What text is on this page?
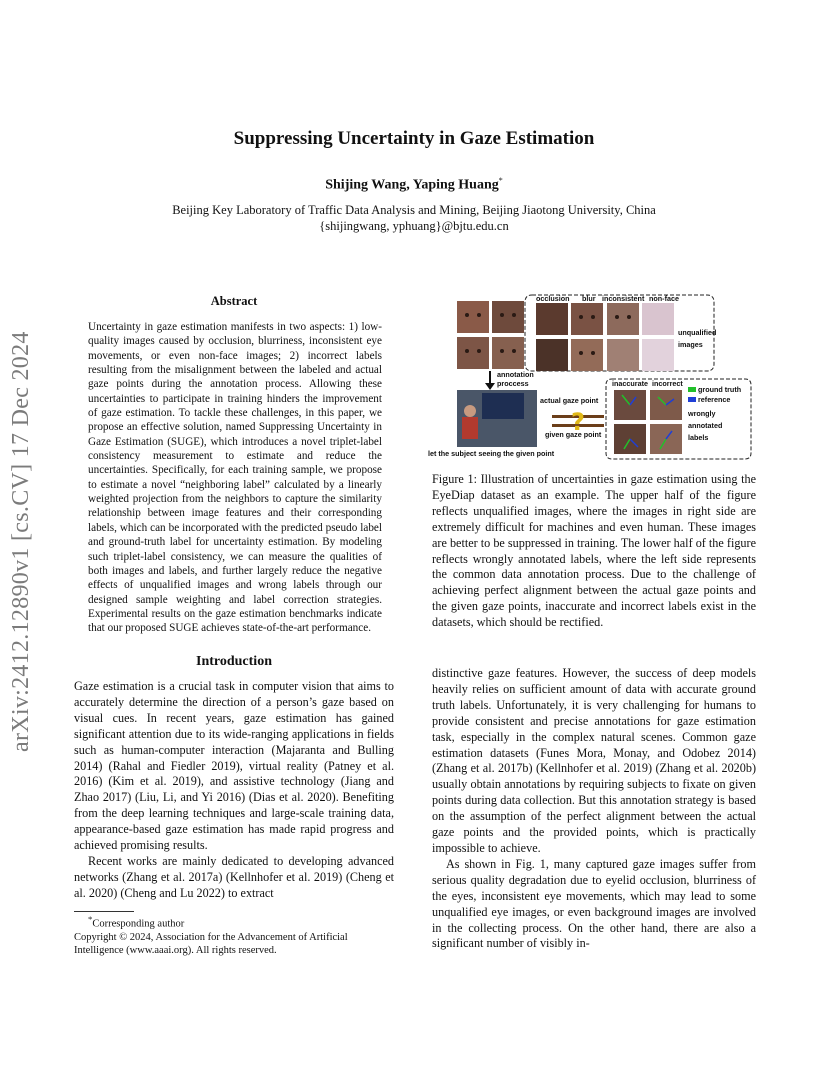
arXiv:2412.12890v1 [cs.CV] 17 Dec 2024
Suppressing Uncertainty in Gaze Estimation
Shijing Wang, Yaping Huang*
Beijing Key Laboratory of Traffic Data Analysis and Mining, Beijing Jiaotong University, China
{shijingwang, yphuang}@bjtu.edu.cn
Abstract
Uncertainty in gaze estimation manifests in two aspects: 1) low-quality images caused by occlusion, blurriness, inconsistent eye movements, or even non-face images; 2) incorrect labels resulting from the misalignment between the labeled and actual gaze points during the annotation process. Allowing these uncertainties to participate in training hinders the improvement of gaze estimation. To tackle these challenges, in this paper, we propose an effective solution, named Suppressing Uncertainty in Gaze Estimation (SUGE), which introduces a novel triplet-label consistency measurement to estimate and reduce the uncertainties. Specifically, for each training sample, we propose to estimate a novel “neighboring label” calculated by a linearly weighted projection from the neighbors to capture the similarity relationship between image features and their corresponding labels, which can be incorporated with the predicted pseudo label and ground-truth label for uncertainty estimation. By modeling such triplet-label consistency, we can measure the qualities of both images and labels, and further largely reduce the negative effects of unqualified images and wrong labels through our designed sample weighting and label correction strategies. Experimental results on the gaze estimation benchmarks indicate that our proposed SUGE achieves state-of-the-art performance.
Introduction

Gaze estimation is a crucial task in computer vision that aims to accurately determine the direction of a person’s gaze based on visual cues. In recent years, gaze estimation has gained significant attention due to its wide-ranging applications in fields such as human-computer interaction (Majaranta and Bulling 2014) (Rahal and Fiedler 2019), virtual reality (Patney et al. 2016) (Kim et al. 2019), and assistive technology (Jiang and Zhao 2017) (Liu, Li, and Yi 2016) (Dias et al. 2020). Benefiting from the deep learning techniques and large-scale training data, appearance-based gaze estimation has made rapid progress and achieved promising results.

Recent works are mainly dedicated to developing advanced networks (Zhang et al. 2017a) (Kellnhofer et al. 2019) (Cheng et al. 2020) (Cheng and Lu 2022) to extract

*Corresponding author
Copyright © 2024, Association for the Advancement of Artificial Intelligence (www.aaai.org). All rights reserved.
occlusion blur inconsistent non-face
unqualified
images
annotation
proccess
actual gaze point
given gaze point
let the subject seeing the given point
?
inaccurate incorrect
ground truth
reference
wrongly
annotated
labels
Figure 1: Illustration of uncertainties in gaze estimation using the EyeDiap dataset as an example. The upper half of the figure reflects unqualified images, where the images in right side are extremely difficult for machines and even human. These images are better to be suppressed in training. The lower half of the figure reflects wrongly annotated labels, where the left side represents the common data annotation process. Due to the challenge of achieving perfect alignment between the actual gaze points and the given gaze points, inaccurate and incorrect labels exist in the datasets, which should be rectified.

distinctive gaze features. However, the success of deep models heavily relies on sufficient amount of data with accurate ground truth labels. Unfortunately, it is very challenging for humans to provide consistent and precise annotations for gaze estimation task, especially in the complex natural scenes. Common gaze estimation datasets (Funes Mora, Monay, and Odobez 2014) (Zhang et al. 2017b) (Kellnhofer et al. 2019) (Zhang et al. 2020b) usually obtain annotations by requiring subjects to fixate on given points during data collection. But this annotation strategy is based on the assumption of the perfect alignment between the actual gaze points and the provided points, which is practically impossible to achieve.

As shown in Fig. 1, many captured gaze images suffer from serious quality degradation due to eyelid occlusion, blurriness of the eyes, inconsistent eye movements, which may lead to some unqualified eye images, or even background images are involved in the collecting process. On the other hand, there are also a significant number of visibly in-
